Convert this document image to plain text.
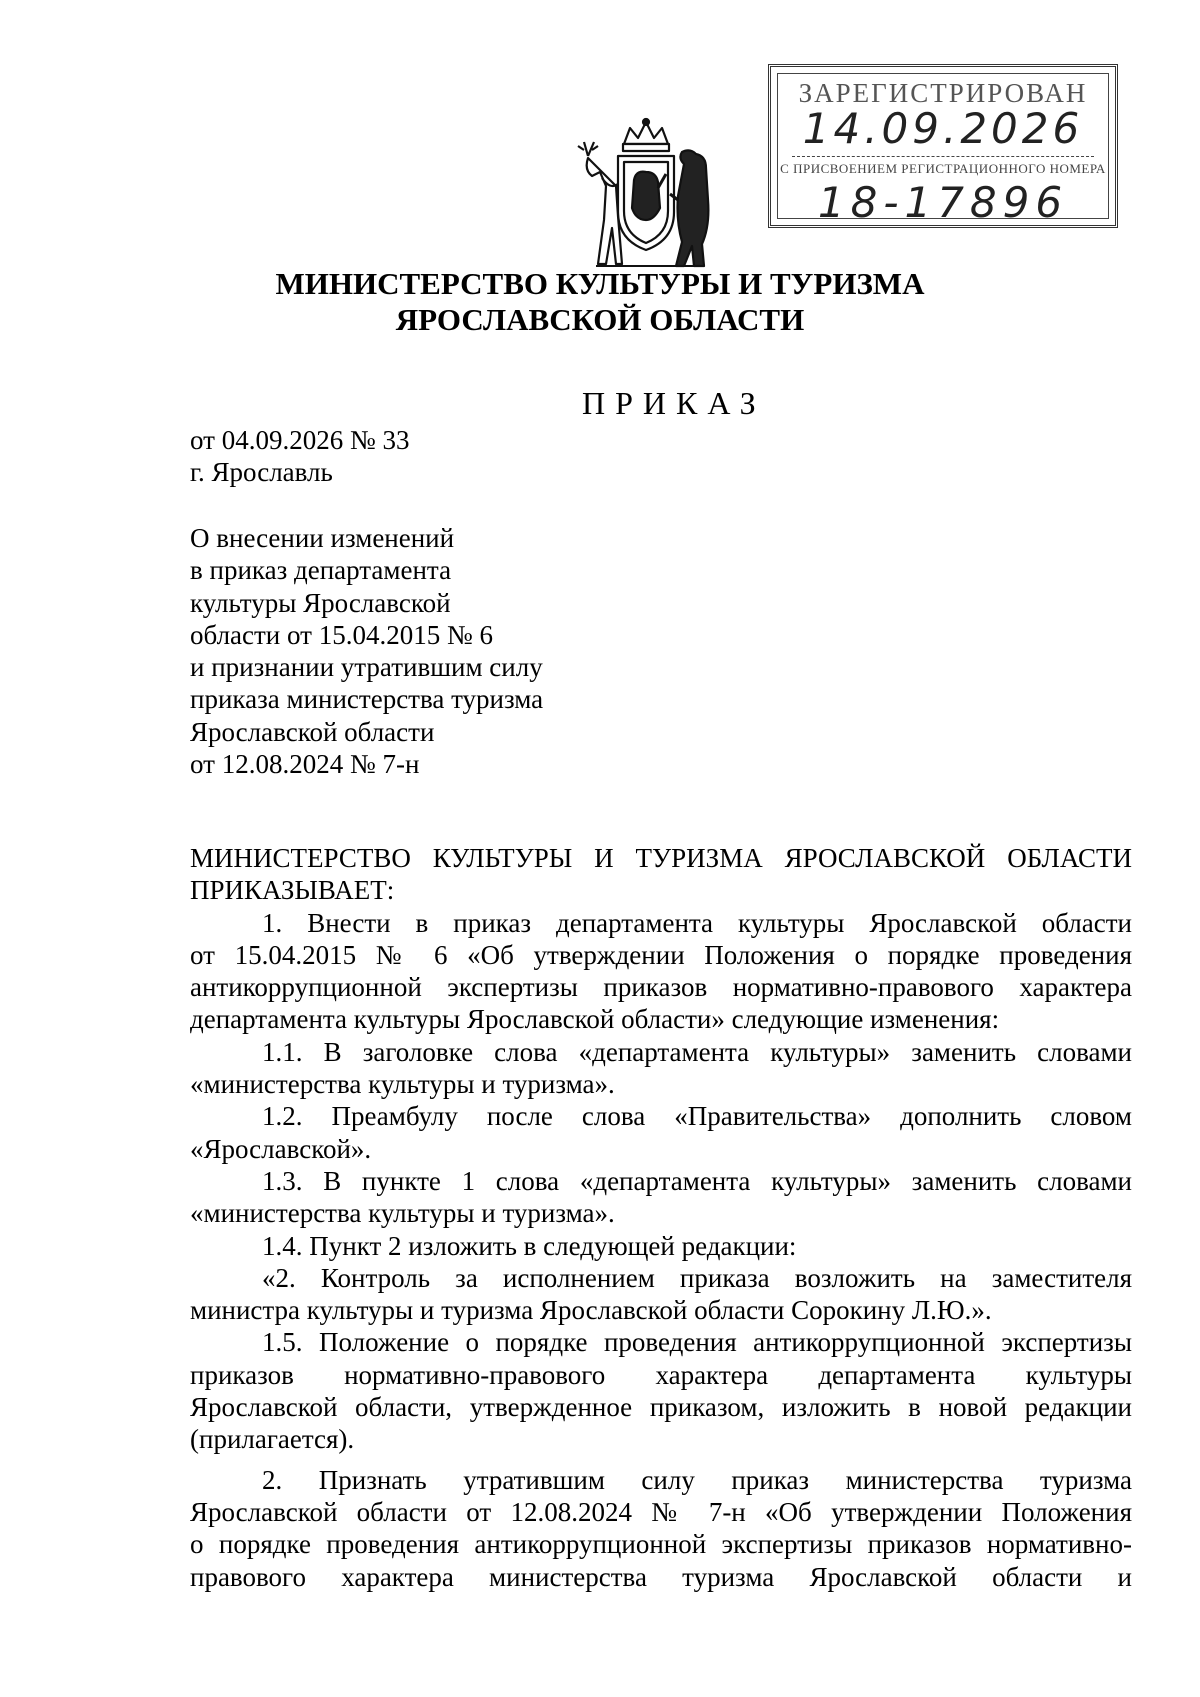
ЗАРЕГИСТРИРОВАН
14.09.2026
С ПРИСВОЕНИЕМ РЕГИСТРАЦИОННОГО НОМЕРА
18-17896
МИНИСТЕРСТВО КУЛЬТУРЫ И ТУРИЗМА
ЯРОСЛАВСКОЙ ОБЛАСТИ
ПРИКАЗ
от 04.09.2026 № 33
г. Ярославль
О внесении изменений
в приказ департамента
культуры Ярославской
области от 15.04.2015 № 6
и признании утратившим силу
приказа министерства туризма
Ярославской области
от 12.08.2024 № 7-н
МИНИСТЕРСТВО КУЛЬТУРЫ И ТУРИЗМА ЯРОСЛАВСКОЙ ОБЛАСТИ
ПРИКАЗЫВАЕТ:
1. Внести в приказ департамента культуры Ярославской области
от 15.04.2015 № 6 «Об утверждении Положения о порядке проведения
антикоррупционной экспертизы приказов нормативно-правового характера
департамента культуры Ярославской области» следующие изменения:
1.1. В заголовке слова «департамента культуры» заменить словами
«министерства культуры и туризма».
1.2. Преамбулу после слова «Правительства» дополнить словом
«Ярославской».
1.3. В пункте 1 слова «департамента культуры» заменить словами
«министерства культуры и туризма».
1.4. Пункт 2 изложить в следующей редакции:
«2. Контроль за исполнением приказа возложить на заместителя
министра культуры и туризма Ярославской области Сорокину Л.Ю.».
1.5. Положение о порядке проведения антикоррупционной экспертизы
приказов нормативно-правового характера департамента культуры
Ярославской области, утвержденное приказом, изложить в новой редакции
(прилагается).
2. Признать утратившим силу приказ министерства туризма
Ярославской области от 12.08.2024 № 7-н «Об утверждении Положения
о порядке проведения антикоррупционной экспертизы приказов нормативно-
правового характера министерства туризма Ярославской области и
